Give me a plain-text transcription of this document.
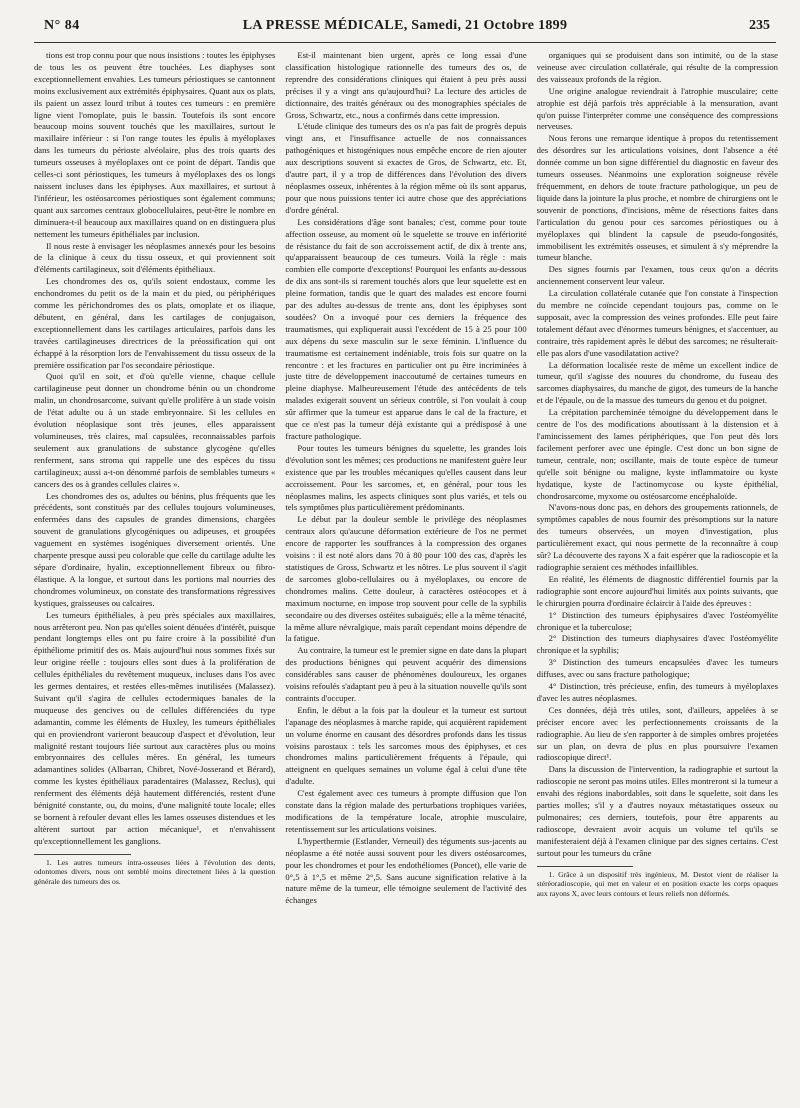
N° 84	LA PRESSE MÉDICALE, Samedi, 21 Octobre 1899	235

tions est trop connu pour que nous insistions : toutes les épiphyses de tous les os peuvent être touchées. Les diaphyses sont exceptionnellement envahies. Les tumeurs périostiques se cantonnent moins exclusivement aux extrémités épiphysaires. Quant aux os plats, ils paient un assez lourd tribut à toutes ces tumeurs : en première ligne vient l'omoplate, puis le bassin. Toutefois ils sont encore beaucoup moins souvent touchés que les maxillaires, surtout le maxillaire inférieur : si l'on range toutes les épulis à myéloplaxes dans les tumeurs du périoste alvéolaire, plus des trois quarts des tumeurs osseuses à myéloplaxes ont ce point de départ. Tandis que celles-ci sont périostiques, les tumeurs à myéloplaxes des os longs naissent incluses dans les épiphyses. Aux maxillaires, et surtout à l'inférieur, les ostéosarcomes périostiques sont également communs; quant aux sarcomes centraux globocellulaires, peut-être le nombre en diminuera-t-il beaucoup aux maxillaires quand on en distinguera plus nettement les tumeurs épithéliales par inclusion.

Il nous reste à envisager les néoplasmes annexés pour les besoins de la clinique à ceux du tissu osseux, et qui proviennent soit d'éléments cartilagineux, soit d'éléments épithéliaux.

Les chondromes des os, qu'ils soient endostaux, comme les enchondromes du petit os de la main et du pied, ou périphériques comme les périchondromes des os plats, omoplate et os iliaque, débutent, en général, dans les cartilages de conjugaison, exceptionnellement dans les cartilages articulaires, parfois dans les travées cartilagineuses directrices de la préossification qui ont échappé à la résorption lors de l'envahissement du tissu osseux de la première ossification par l'os secondaire périostique.

Quoi qu'il en soit, et d'où qu'elle vienne, chaque cellule cartilagineuse peut donner un chondrome bénin ou un chondrome malin, un chondrosarcome, suivant qu'elle prolifère à un stade voisin de l'état adulte ou à un stade embryonnaire. Si les cellules en évolution néoplasique sont très jeunes, elles apparaissent volumineuses, très claires, mal capsulées, reconnaissables parfois seulement aux granulations de substance glycogène qu'elles renferment, sans stroma qui rappelle une des espèces du tissu cartilagineux; aussi a-t-on dénommé parfois de semblables tumeurs « cancers des os à grandes cellules claires ».

Les chondromes des os, adultes ou bénins, plus fréquents que les précédents, sont constitués par des cellules toujours volumineuses, enfermées dans des capsules de grandes dimensions, chargées souvent de granulations glycogéniques ou adipeuses, et groupées vaguement en systèmes isogéniques diversement orientés. Une charpente presque aussi peu colorable que celle du cartilage adulte les sépare d'ordinaire, hyalin, exceptionnellement fibreux ou fibro-élastique. A la longue, et surtout dans les portions mal nourries des chondromes volumineux, on constate des transformations régressives kystiques, graisseuses ou calcaires.

Les tumeurs épithéliales, à peu près spéciales aux maxillaires, nous arrêteront peu. Non pas qu'elles soient dénuées d'intérêt, puisque pendant longtemps elles ont pu faire croire à la possibilité d'un épithéliome primitif des os. Mais aujourd'hui nous sommes fixés sur leur origine réelle : toujours elles sont dues à la prolifération de cellules épithéliales du revêtement muqueux, incluses dans l'os avec les germes dentaires, et restées elles-mêmes inutilisées (Malassez). Suivant qu'il s'agira de cellules ectodermiques banales de la muqueuse des gencives ou de cellules différenciées du type adamantin, comme les éléments de Huxley, les tumeurs épithéliales qui en proviendront varieront beaucoup d'aspect et d'évolution, leur malignité restant toujours liée surtout aux caractères plus ou moins embryonnaires des cellules mères. En général, les tumeurs adamantines solides (Albarran, Chibret, Nové-Josserand et Bérard), comme les kystes épithéliaux paradentaires (Malassez, Reclus), qui renferment des éléments déjà hautement différenciés, restent d'une bénignité constante, ou, du moins, d'une malignité toute locale; elles se bornent à refouler devant elles les lames osseuses distendues et les altèrent surtout par action mécanique¹, et n'envahissent qu'exceptionnellement les ganglions.

1. Les autres tumeurs intra-osseuses liées à l'évolution des dents, odontomes divers, nous ont semblé moins directement liées à la question générale des tumeurs des os.

Est-il maintenant bien urgent, après ce long essai d'une classification histologique rationnelle des tumeurs des os, de reprendre des considérations cliniques qui étaient à peu près aussi précises il y a vingt ans qu'aujourd'hui? La lecture des articles de dictionnaire, des traités généraux ou des monographies spéciales de Gross, Schwartz, etc., nous a confirmés dans cette impression.

L'étude clinique des tumeurs des os n'a pas fait de progrès depuis vingt ans, et l'insuffisance actuelle de nos connaissances pathogéniques et histogéniques nous empêche encore de rien ajouter aux descriptions souvent si exactes de Gros, de Schwartz, etc. Et, d'autre part, il y a trop de différences dans l'évolution des divers néoplasmes osseux, inhérentes à la région même où ils sont apparus, pour que nous puissions tenter ici autre chose que des appréciations d'ordre général.

Les considérations d'âge sont banales; c'est, comme pour toute affection osseuse, au moment où le squelette se trouve en infériorité de résistance du fait de son accroissement actif, de dix à trente ans, qu'apparaissent beaucoup de ces tumeurs. Voilà la règle : mais combien elle comporte d'exceptions! Pourquoi les enfants au-dessous de dix ans sont-ils si rarement touchés alors que leur squelette est en pleine formation, tandis que le quart des malades est encore fourni par des adultes au-dessus de trente ans, dont les épiphyses sont soudées? On a invoqué pour ces derniers la fréquence des traumatismes, qui expliquerait aussi l'excédent de 15 à 25 pour 100 aux dépens du sexe masculin sur le sexe féminin. L'influence du traumatisme est certainement indéniable, trois fois sur quatre on la rencontre : et les fractures en particulier ont pu être incriminées à juste titre de développement inaccoutumé de certaines tumeurs en pleine diaphyse. Malheureusement l'étude des antécédents de tels malades exigerait souvent un sérieux contrôle, si l'on voulait à coup sûr affirmer que la tumeur est apparue dans le cal de la fracture, et que ce n'est pas la tumeur déjà existante qui a prédisposé à une fracture pathologique.

Pour toutes les tumeurs bénignes du squelette, les grandes lois d'évolution sont les mêmes; ces productions ne manifestent guère leur existence que par les troubles mécaniques qu'elles causent dans leur accroissement. Pour les sarcomes, et, en général, pour tous les néoplasmes malins, les aspects cliniques sont plus variés, et tels ou tels symptômes plus particulièrement prédominants.

Le début par la douleur semble le privilège des néoplasmes centraux alors qu'aucune déformation extérieure de l'os ne permet encore de rapporter les souffrances à la compression des organes voisins : il est noté alors dans 70 à 80 pour 100 des cas, d'après les statistiques de Gross, Schwartz et les nôtres. Le plus souvent il s'agit de sarcomes globo-cellulaires ou à myéloplaxes, ou encore de chondromes malins. Cette douleur, à caractères ostéocopes et à maximum nocturne, en impose trop souvent pour celle de la syphilis secondaire ou des diverses ostéites subaiguës; elle a la même ténacité, la même allure névralgique, mais paraît cependant moins dépendre de la fatigue.

Au contraire, la tumeur est le premier signe en date dans la plupart des productions bénignes qui peuvent acquérir des dimensions considérables sans causer de phénomènes douloureux, les organes voisins refoulés s'adaptant peu à peu à la situation nouvelle qu'ils sont contraints d'occuper.

Enfin, le début a la fois par la douleur et la tumeur est surtout l'apanage des néoplasmes à marche rapide, qui acquièrent rapidement un volume énorme en causant des désordres profonds dans les tissus voisins parostaux : tels les sarcomes mous des épiphyses, et ces chondromes malins particulièrement fréquents à l'épaule, qui atteignent en quelques semaines un volume égal à celui d'une tête d'adulte.

C'est également avec ces tumeurs à prompte diffusion que l'on constate dans la région malade des perturbations trophiques variées, modifications de la température locale, atrophie musculaire, retentissement sur les articulations voisines.

L'hyperthermie (Estlander, Verneuil) des téguments sus-jacents au néoplasme a été notée aussi souvent pour les divers ostéosarcomes, pour les chondromes et pour les endothéliomes (Poncet), elle varie de 0°,5 à 1°,5 et même 2°,5. Sans aucune signification relative à la nature même de la tumeur, elle témoigne seulement de l'activité des échanges

organiques qui se produisent dans son intimité, ou de la stase veineuse avec circulation collatérale, qui résulte de la compression des vaisseaux profonds de la région.

Une origine analogue reviendrait à l'atrophie musculaire; cette atrophie est déjà parfois très appréciable à la mensuration, avant qu'on puisse l'interpréter comme une conséquence des compressions nerveuses.

Nous ferons une remarque identique à propos du retentissement des désordres sur les articulations voisines, dont l'absence a été donnée comme un bon signe différentiel du diagnostic en faveur des tumeurs osseuses. Néanmoins une exploration soigneuse révèle fréquemment, en dehors de toute fracture pathologique, un peu de liquide dans la jointure la plus proche, et nombre de chirurgiens ont le souvenir de ponctions, d'incisions, même de résections faites dans l'articulation du genou pour ces sarcomes périostiques ou à myéloplaxes qui blindent la capsule de pseudo-fongosités, immobilisent les extrémités osseuses, et simulent à s'y méprendre la tumeur blanche.

Des signes fournis par l'examen, tous ceux qu'on a décrits anciennement conservent leur valeur.

La circulation collatérale cutanée que l'on constate à l'inspection du membre ne coïncide cependant toujours pas, comme on le supposait, avec la compression des veines profondes. Elle peut faire totalement défaut avec d'énormes tumeurs bénignes, et s'accentuer, au contraire, très rapidement après le début des sarcomes; ne résulterait-elle pas alors d'une vasodilatation active?

La déformation localisée reste de même un excellent indice de tumeur, qu'il s'agisse des nouures du chondrome, du fuseau des sarcomes diaphysaires, du manche de gigot, des tumeurs de la hanche et de l'épaule, ou de la massue des tumeurs du genou et du poignet.

La crépitation parcheminée témoigne du développement dans le centre de l'os des modifications aboutissant à la distension et à l'amincissement des lames périphériques, que l'on peut dès lors facilement perforer avec une épingle. C'est donc un bon signe de tumeur, centrale, non; oscillante, mais de toute espèce de tumeur qu'elle soit bénigne ou maligne, kyste inflammatoire ou kyste hydatique, kyste de l'actinomycose ou kyste épithélial, chondrosarcome, myxome ou ostéosarcome encéphaloïde.

N'avons-nous donc pas, en dehors des groupements rationnels, de symptômes capables de nous fournir des présomptions sur la nature des tumeurs observées, un moyen d'investigation, plus particulièrement exact, qui nous permette de la reconnaître à coup sûr? La découverte des rayons X a fait espérer que la radioscopie et la radiographie seraient ces méthodes infaillibles.

En réalité, les éléments de diagnostic différentiel fournis par la radiographie sont encore aujourd'hui limités aux points suivants, que le chirurgien pourra d'ordinaire éclaircir à l'aide des épreuves :

1° Distinction des tumeurs épiphysaires d'avec l'ostéomyélite chronique et la tuberculose;

2° Distinction des tumeurs diaphysaires d'avec l'ostéomyélite chronique et la syphilis;

3° Distinction des tumeurs encapsulées d'avec les tumeurs diffuses, avec ou sans fracture pathologique;

4° Distinction, très précieuse, enfin, des tumeurs à myéloplaxes d'avec les autres néoplasmes.

Ces données, déjà très utiles, sont, d'ailleurs, appelées à se préciser encore avec les perfectionnements croissants de la radiographie. Au lieu de s'en rapporter à de simples ombres projetées sur un plan, on devra de plus en plus poursuivre l'examen radioscopique direct¹.

Dans la discussion de l'intervention, la radiographie et surtout la radioscopie ne seront pas moins utiles. Elles montreront si la tumeur a envahi des régions inabordables, soit dans le squelette, soit dans les parties molles; s'il y a d'autres noyaux métastatiques osseux ou pulmonaires; ces derniers, toutefois, pour être apparents au radioscope, devraient avoir acquis un volume tel qu'ils se manifesteraient déjà à l'examen clinique par des signes certains. C'est surtout pour les tumeurs du crâne

1. Grâce à un dispositif très ingénieux, M. Destot vient de réaliser la stéréoradioscopie, qui met en valeur et en position exacte les corps opaques aux rayons X, avec leurs contours et leurs reliefs non déformés.
